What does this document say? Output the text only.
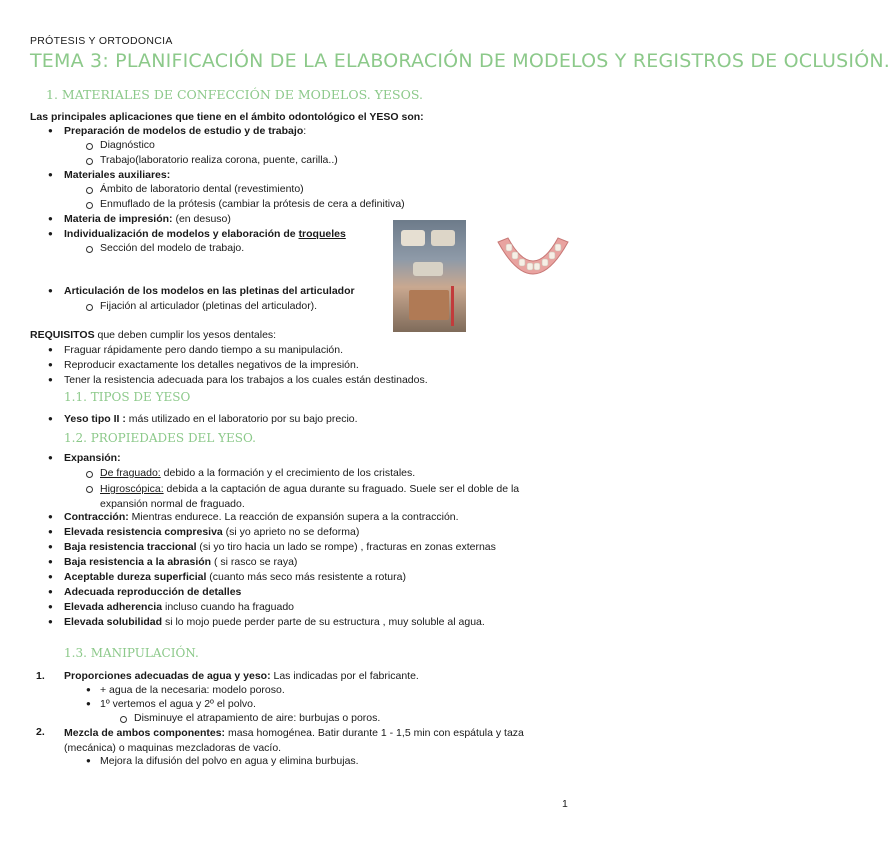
PRÓTESIS Y ORTODONCIA
TEMA 3: PLANIFICACIÓN DE LA ELABORACIÓN DE MODELOS Y REGISTROS DE OCLUSIÓN.
1. MATERIALES DE CONFECCIÓN DE MODELOS. YESOS.
Las principales aplicaciones que tiene en el ámbito odontológico el YESO son:
● Preparación de modelos de estudio y de trabajo:
Diagnóstico
Trabajo(laboratorio realiza corona, puente, carilla..)
● Materiales auxiliares:
Ámbito de laboratorio dental (revestimiento)
Enmuflado de la prótesis (cambiar la prótesis de cera a definitiva)
● Materia de impresión: (en desuso)
● Individualización de modelos y elaboración de troqueles
Sección del modelo de trabajo.
● Articulación de los modelos en las pletinas del articulador
Fijación al articulador (pletinas del articulador).
REQUISITOS que deben cumplir los yesos dentales:
● Fraguar rápidamente pero dando tiempo a su manipulación.
● Reproducir exactamente los detalles negativos de la impresión.
● Tener la resistencia adecuada para los trabajos a los cuales están destinados.
1.1. TIPOS DE YESO
● Yeso tipo II : más utilizado en el laboratorio por su bajo precio.
1.2. PROPIEDADES DEL YESO.
● Expansión:
De fraguado: debido a la formación y el crecimiento de los cristales.
Higroscópica: debida a la captación de agua durante su fraguado. Suele ser el doble de la expansión normal de fraguado.
● Contracción: Mientras endurece. La reacción de expansión supera a la contracción.
● Elevada resistencia compresiva (si yo aprieto no se deforma)
● Baja resistencia traccional (si yo tiro hacia un lado se rompe) , fracturas en zonas externas
● Baja resistencia a la abrasión ( si rasco se raya)
● Aceptable dureza superficial (cuanto más seco más resistente a rotura)
● Adecuada reproducción de detalles
● Elevada adherencia incluso cuando ha fraguado
● Elevada solubilidad si lo mojo puede perder parte de su estructura , muy soluble al agua.
1.3. MANIPULACIÓN.
1. Proporciones adecuadas de agua y yeso: Las indicadas por el fabricante.
● + agua de la necesaria: modelo poroso.
● 1º vertemos el agua y 2º el polvo.
Disminuye el atrapamiento de aire: burbujas o poros.
2. Mezcla de ambos componentes: masa homogénea. Batir durante 1 - 1,5 min con espátula y taza (mecánica) o maquinas mezcladoras de vacío.
● Mejora la difusión del polvo en agua y elimina burbujas.
1
